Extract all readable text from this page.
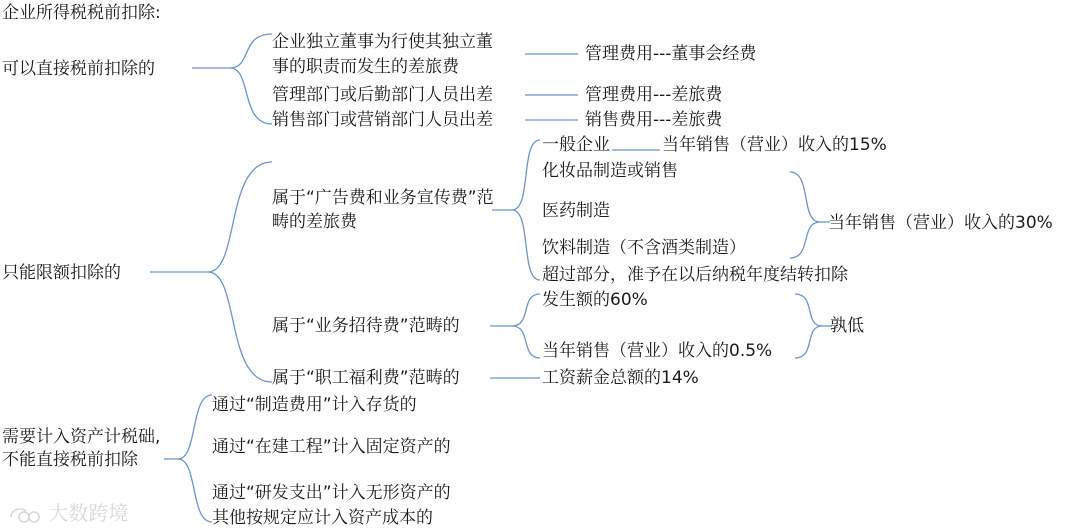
企业所得税税前扣除:
可以直接税前扣除的
企业独立董事为行使其独立董
事的职责而发生的差旅费
管理费用---董事会经费
管理部门或后勤部门人员出差	管理费用---差旅费
销售部门或营销部门人员出差	销售费用---差旅费
只能限额扣除的
属于“广告费和业务宣传费”范
畴的差旅费
一般企业	当年销售（营业）收入的15%
化妆品制造或销售
医药制造
饮料制造（不含酒类制造）
当年销售（营业）收入的30%
超过部分，准予在以后纳税年度结转扣除
属于“业务招待费”范畴的
发生额的60%
当年销售（营业）收入的0.5%
孰低
属于“职工福利费”范畴的	工资薪金总额的14%
需要计入资产计税础,
不能直接税前扣除
通过“制造费用”计入存货的
通过“在建工程”计入固定资产的
通过“研发支出”计入无形资产的
其他按规定应计入资产成本的
大数跨境
